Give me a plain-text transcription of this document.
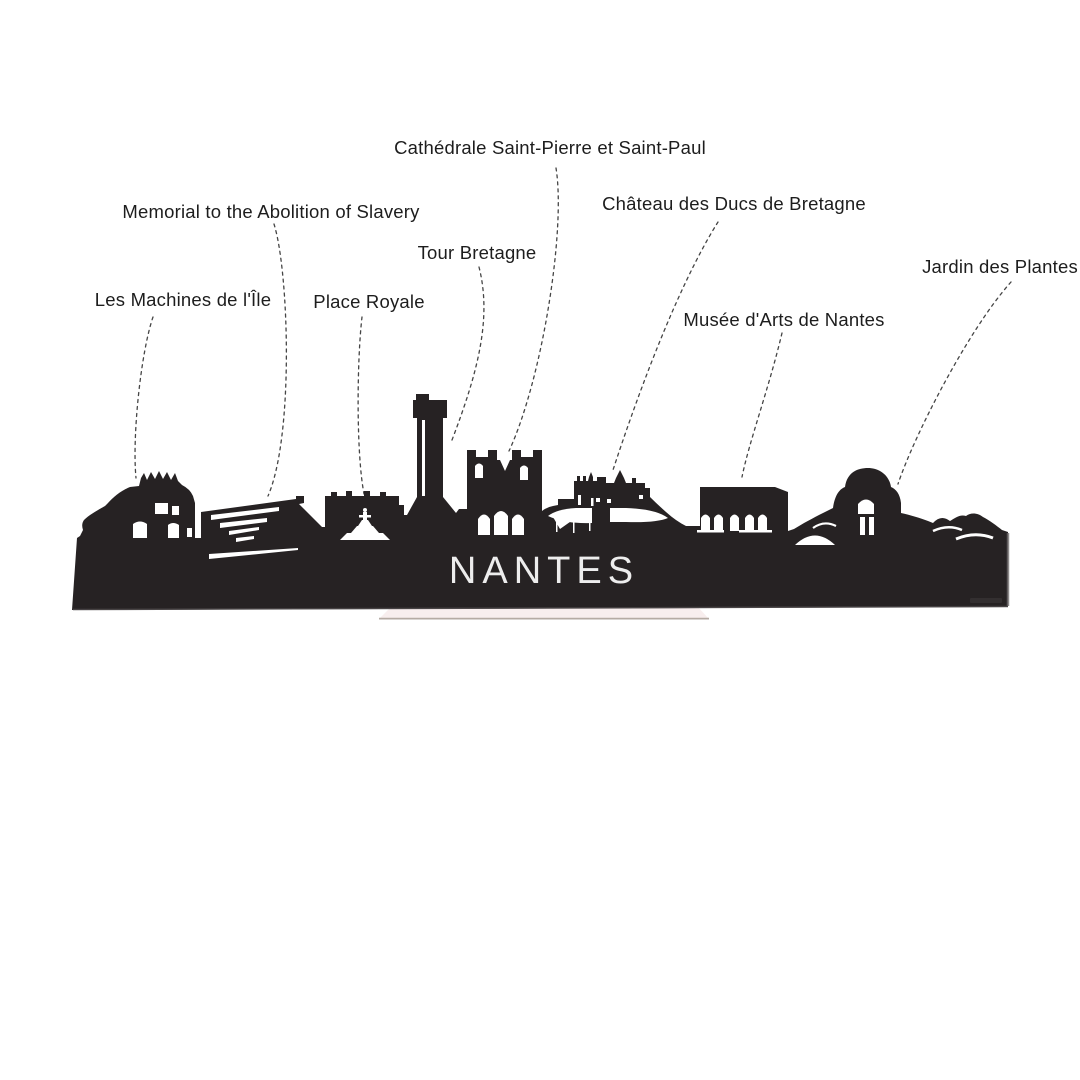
Cathédrale Saint-Pierre et Saint-Paul
Château des Ducs de Bretagne
Memorial to the Abolition of Slavery
Tour Bretagne
Jardin des Plantes
Les Machines de l'Île Place Royale
Musée d'Arts de Nantes
NANTES
